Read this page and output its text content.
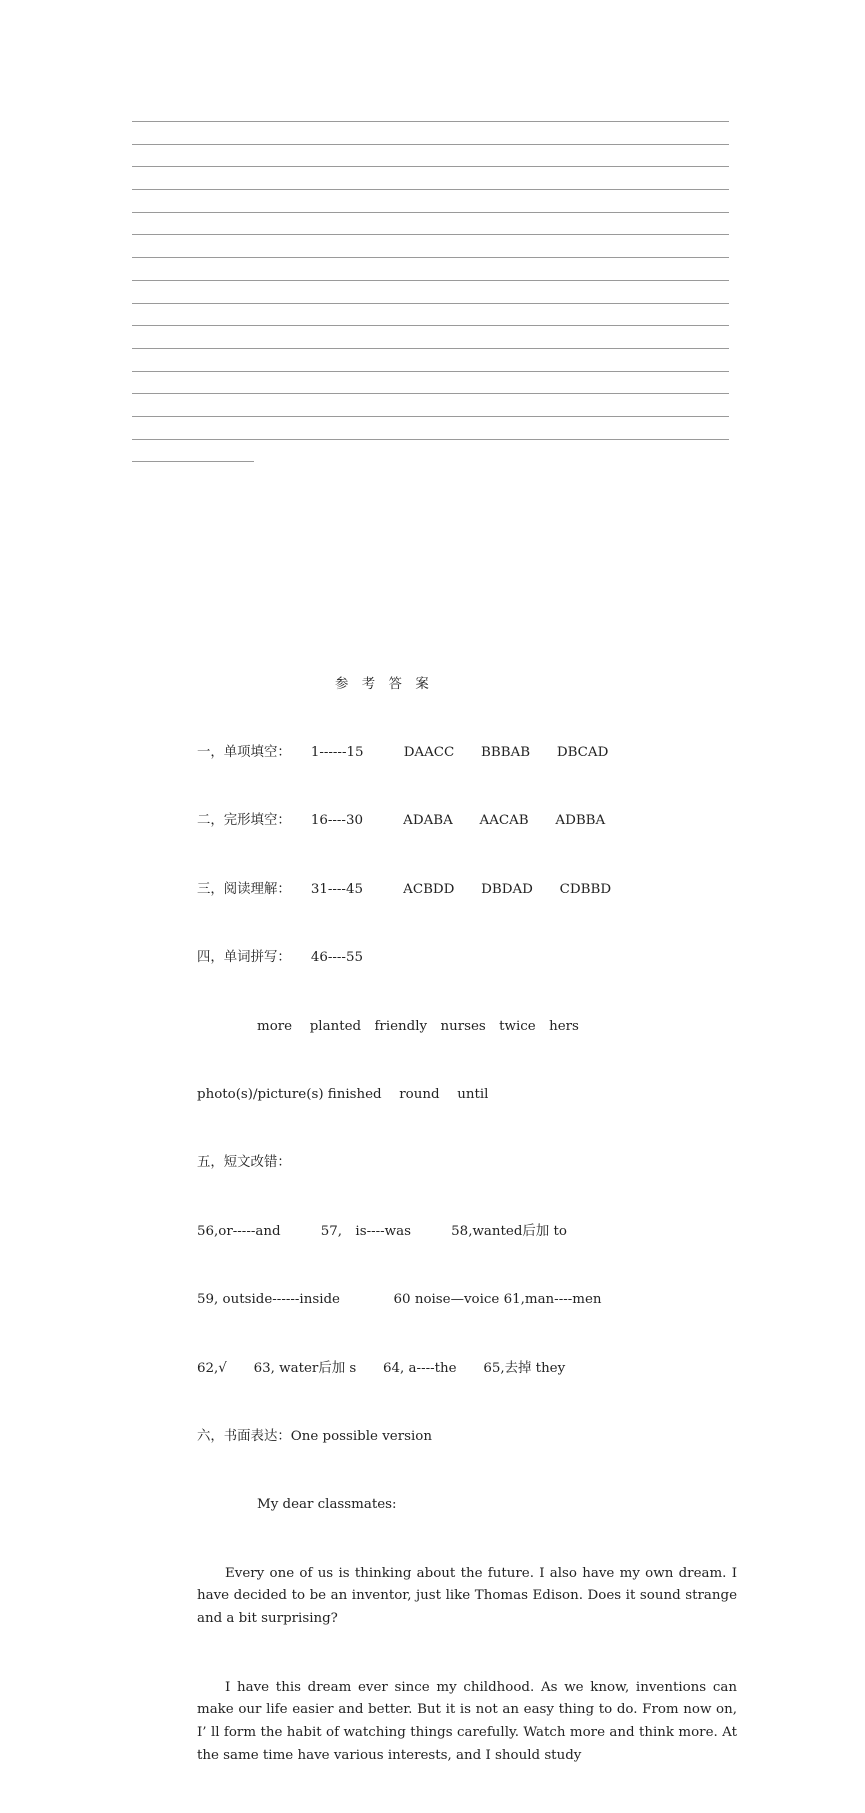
参　考　答　案

一，单项填空：　　1------15　　　DAACC　　BBBAB　　DBCAD

二，完形填空：　　16----30　　　ADABA　　AACAB　　ADBBA

三，阅读理解：　　31----45　　　ACBDD　　DBDAD　　CDBBD

四，单词拼写：　　46----55

more　 planted　friendly　nurses　twice　hers

photo(s)/picture(s) finished　 round　 until

五，短文改错：

56,or-----and　　　57,　is----was　　　58,wanted后加 to

59, outside------inside　　　　60 noise—voice 61,man----men

62,√　　63, water后加 s　　64, a----the　　65,去掉 they

六，书面表达：One possible version

My dear classmates:

Every one of us is thinking about the future. I also have my own dream. I have decided to be an inventor, just like Thomas Edison. Does it sound strange and a bit surprising?

I have this dream ever since my childhood. As we know, inventions can make our life easier and better. But it is not an easy thing to do. From now on, I’ ll form the habit of watching things carefully. Watch more and think more. At the same time have various interests, and I should study
